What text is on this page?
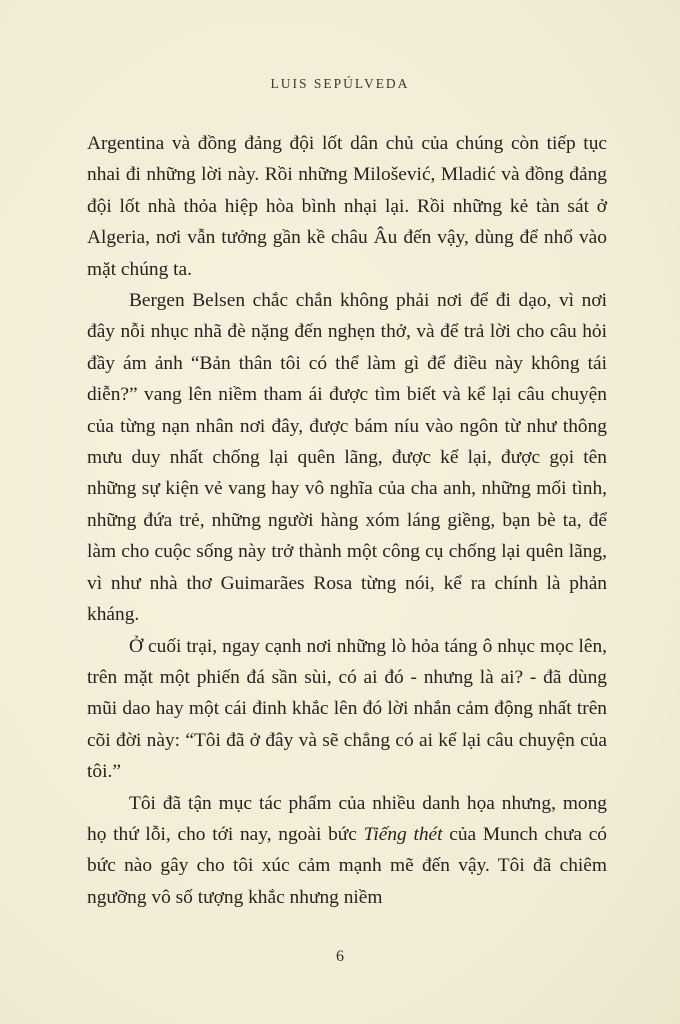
LUIS SEPÚLVEDA

Argentina và đồng đảng đội lốt dân chủ của chúng còn tiếp tục nhai đi những lời này. Rồi những Milošević, Mladić và đồng đảng đội lốt nhà thỏa hiệp hòa bình nhại lại. Rồi những kẻ tàn sát ở Algeria, nơi vẫn tưởng gần kề châu Âu đến vậy, dùng để nhổ vào mặt chúng ta.

Bergen Belsen chắc chắn không phải nơi để đi dạo, vì nơi đây nỗi nhục nhã đè nặng đến nghẹn thở, và để trả lời cho câu hỏi đầy ám ảnh “Bản thân tôi có thể làm gì để điều này không tái diễn?” vang lên niềm tham ái được tìm biết và kể lại câu chuyện của từng nạn nhân nơi đây, được bám níu vào ngôn từ như thông mưu duy nhất chống lại quên lãng, được kể lại, được gọi tên những sự kiện vẻ vang hay vô nghĩa của cha anh, những mối tình, những đứa trẻ, những người hàng xóm láng giềng, bạn bè ta, để làm cho cuộc sống này trở thành một công cụ chống lại quên lãng, vì như nhà thơ Guimarães Rosa từng nói, kể ra chính là phản kháng.

Ở cuối trại, ngay cạnh nơi những lò hỏa táng ô nhục mọc lên, trên mặt một phiến đá sần sùi, có ai đó - nhưng là ai? - đã dùng mũi dao hay một cái đinh khắc lên đó lời nhắn cảm động nhất trên cõi đời này: “Tôi đã ở đây và sẽ chẳng có ai kể lại câu chuyện của tôi.”

Tôi đã tận mục tác phẩm của nhiều danh họa nhưng, mong họ thứ lỗi, cho tới nay, ngoài bức Tiếng thét của Munch chưa có bức nào gây cho tôi xúc cảm mạnh mẽ đến vậy. Tôi đã chiêm ngưỡng vô số tượng khắc nhưng niềm

6
